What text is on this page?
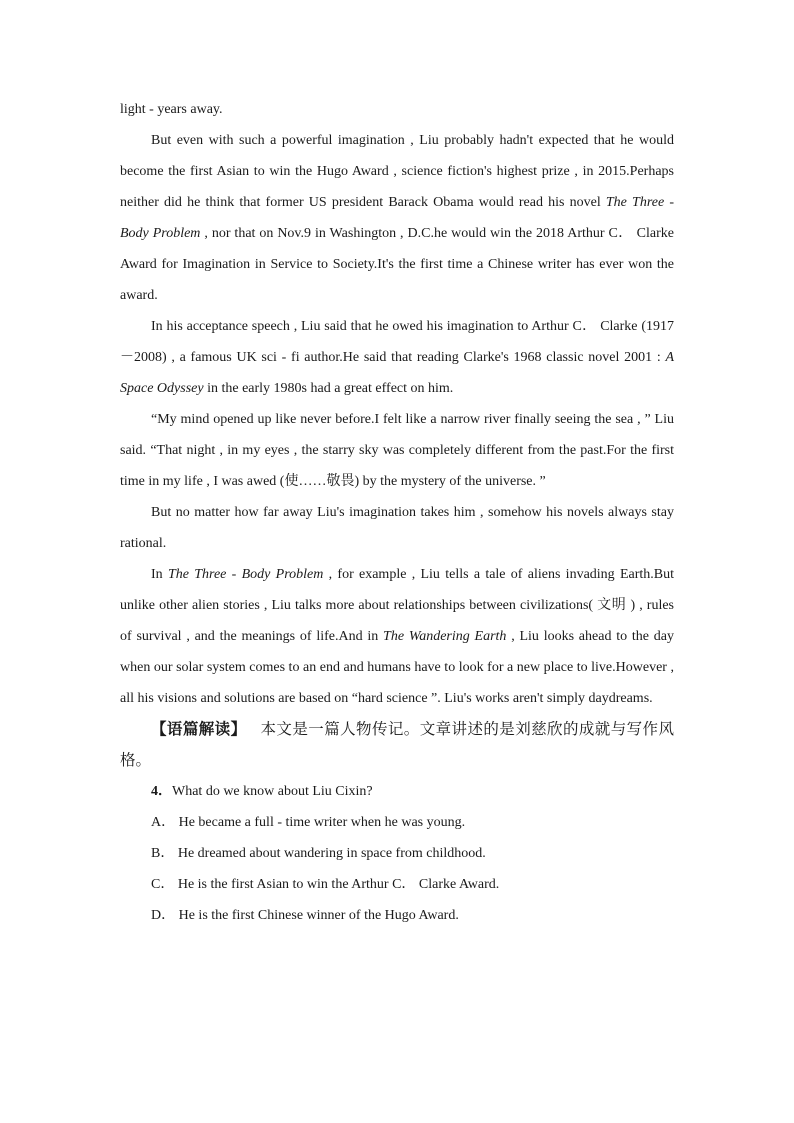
light - years away.

But even with such a powerful imagination , Liu probably hadn't expected that he would become the first Asian to win the Hugo Award , science fiction's highest prize , in 2015.Perhaps neither did he think that former US president Barack Obama would read his novel The Three - Body Problem , nor that on Nov.9 in Washington , D.C.he would win the 2018 Arthur C． Clarke Award for Imagination in Service to Society.It's the first time a Chinese writer has ever won the award.

In his acceptance speech , Liu said that he owed his imagination to Arthur C． Clarke (1917－2008) , a famous UK sci - fi author.He said that reading Clarke's 1968 classic novel 2001 : A Space Odyssey in the early 1980s had a great effect on him.

“My mind opened up like never before.I felt like a narrow river finally seeing the sea , ” Liu said. “That night , in my eyes , the starry sky was completely different from the past.For the first time in my life , I was awed (使……敬畏) by the mystery of the universe. ”

But no matter how far away Liu's imagination takes him , somehow his novels always stay rational.

In The Three - Body Problem , for example , Liu tells a tale of aliens invading Earth.But unlike other alien stories , Liu talks more about relationships between civilizations( 文明 ) , rules of survival , and the meanings of life.And in The Wandering Earth , Liu looks ahead to the day when our solar system comes to an end and humans have to look for a new place to live.However , all his visions and solutions are based on “hard science ”. Liu's works aren't simply daydreams.

【语篇解读】 本文是一篇人物传记。文章讲述的是刘慈欣的成就与写作风格。

4．What do we know about Liu Cixin?

A． He became a full - time writer when he was young.

B． He dreamed about wandering in space from childhood.

C． He is the first Asian to win the Arthur C． Clarke Award.

D． He is the first Chinese winner of the Hugo Award.
